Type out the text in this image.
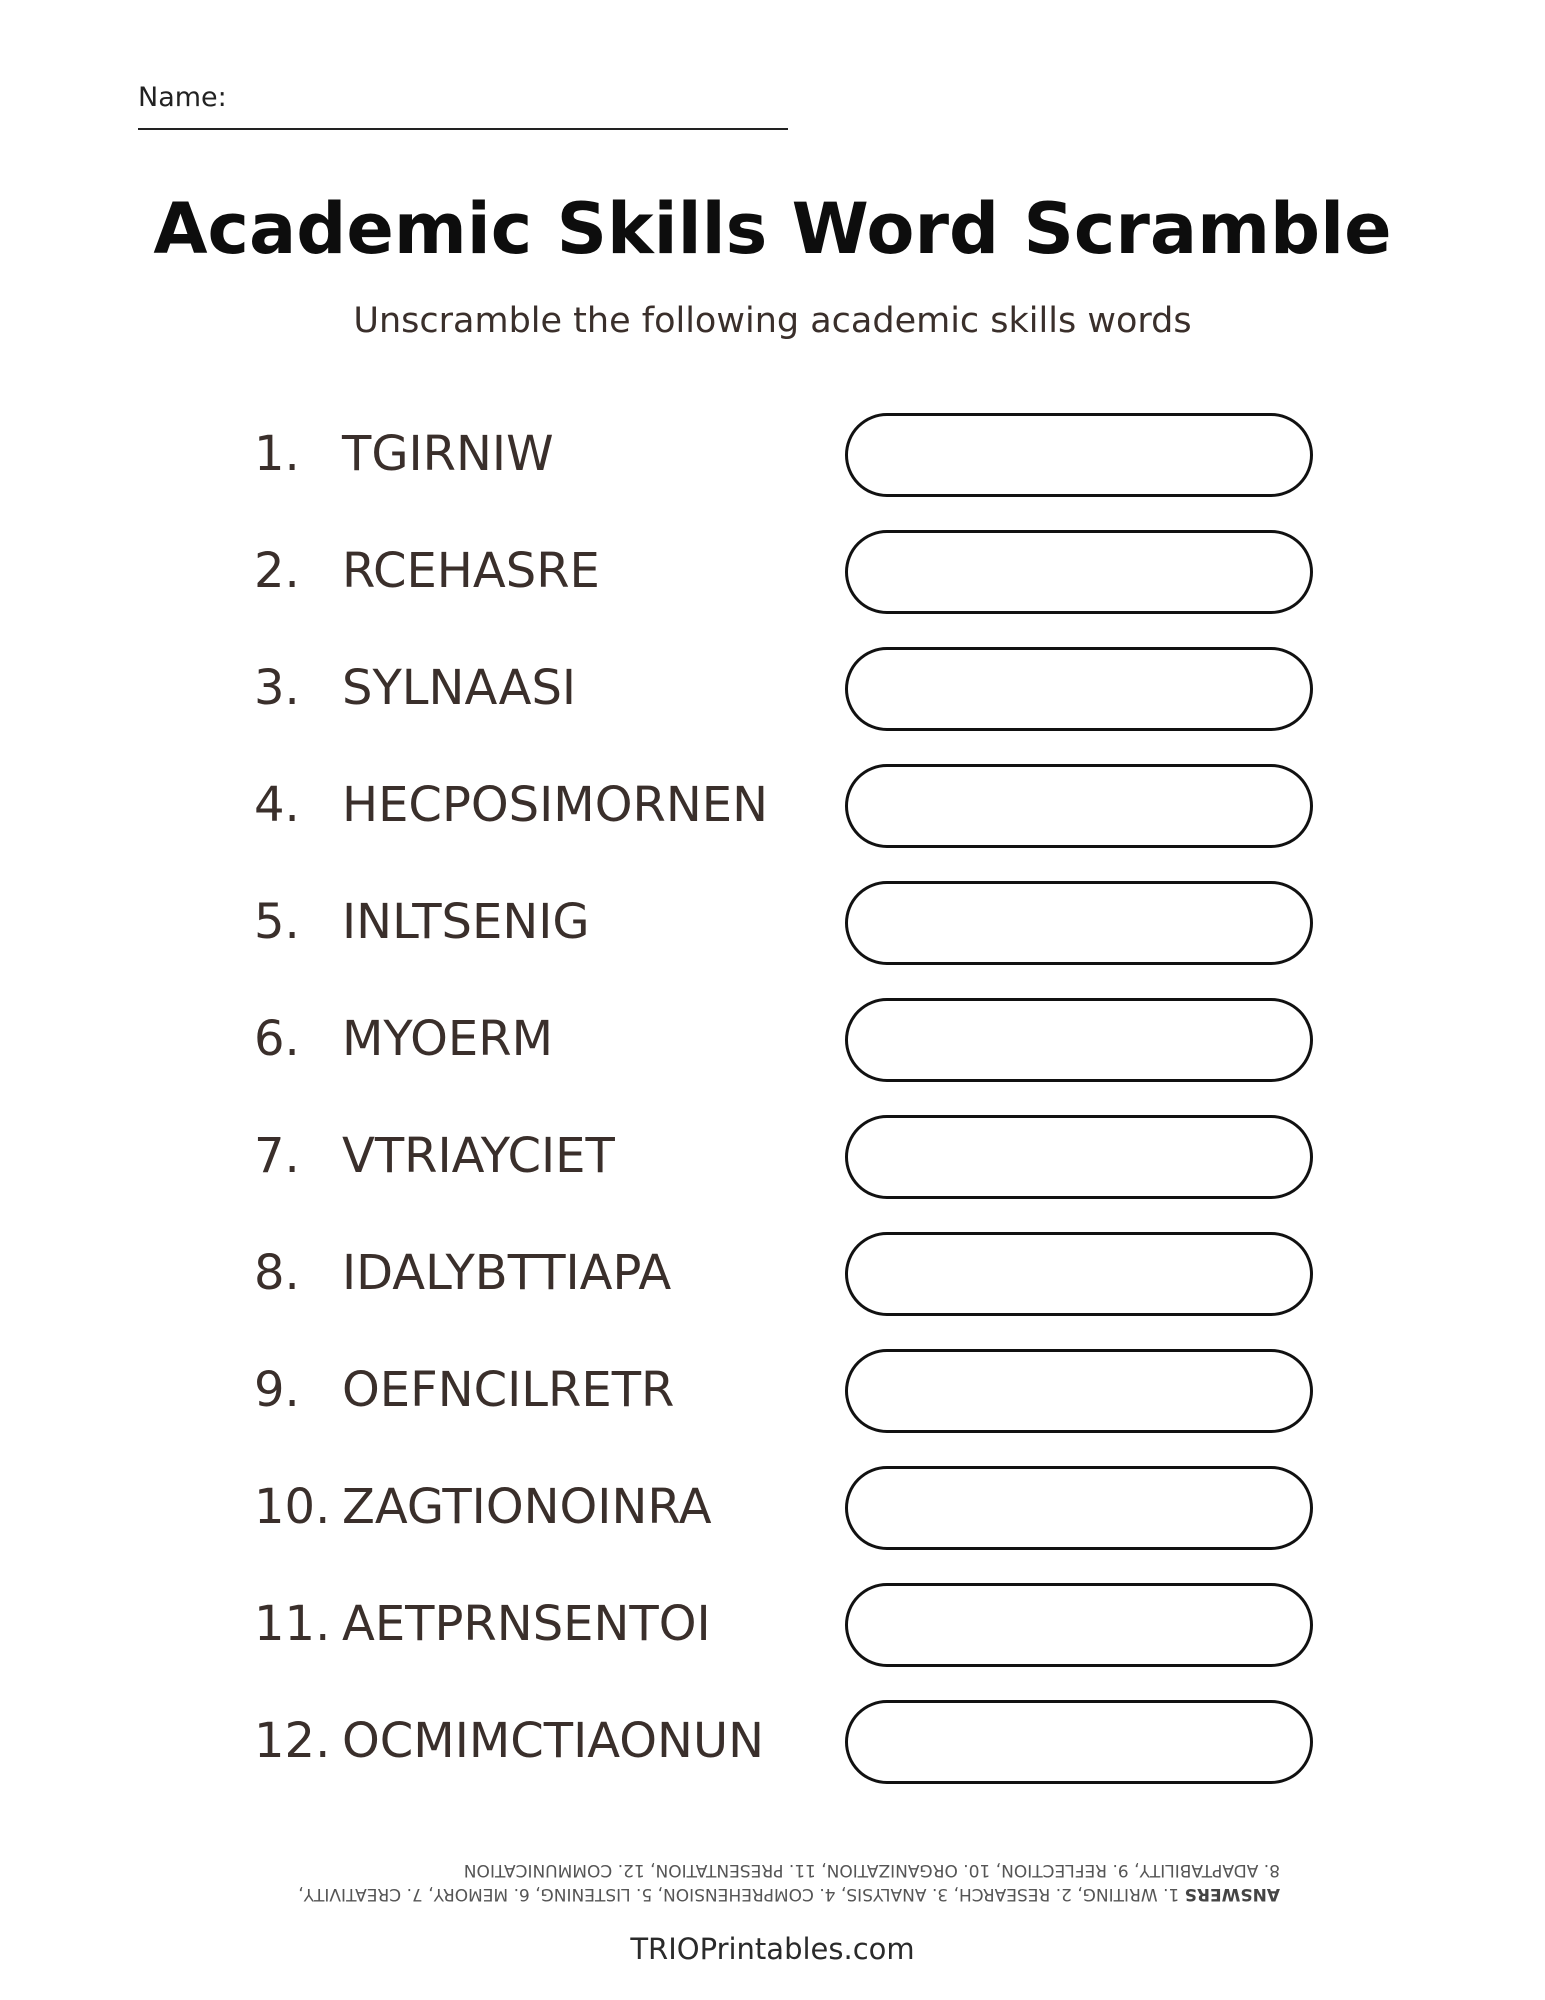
Name:
Academic Skills Word Scramble
Unscramble the following academic skills words
1. TGIRNIW
2. RCEHASRE
3. SYLNAASI
4. HECPOSIMORNEN
5. INLTSENIG
6. MYOERM
7. VTRIAYCIET
8. IDALYBTTIAPA
9. OEFNCILRETR
10. ZAGTIONOINRA
11. AETPRNSENTOI
12. OCMIMCTIAONUN
ANSWERS 1. WRITING, 2. RESEARCH, 3. ANALYSIS, 4. COMPREHENSION, 5. LISTENING, 6. MEMORY, 7. CREATIVITY,
8. ADAPTABILITY, 9. REFLECTION, 10. ORGANIZATION, 11. PRESENTATION, 12. COMMUNICATION
TRIOPrintables.com
